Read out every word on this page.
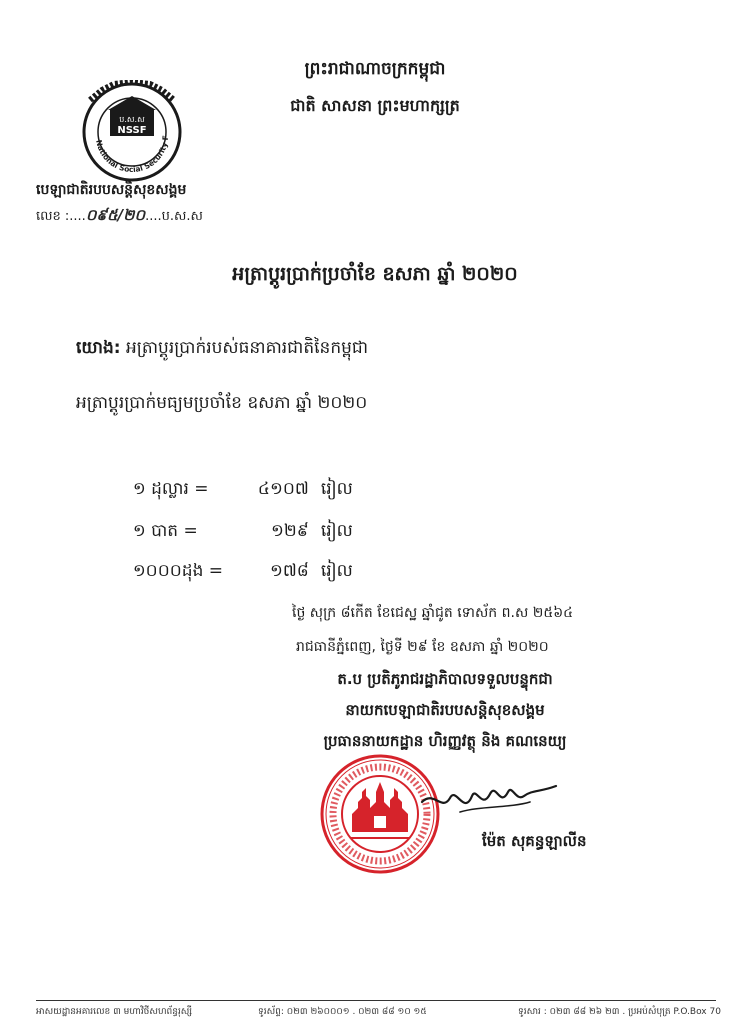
ព្រះរាជាណាចក្រកម្ពុជា
ជាតិ សាសនា ព្រះមហាក្សត្រ
ប.ស.ស
NSSF
National Social Security F
បេឡាជាតិរបបសន្តិសុខសង្គម
លេខ :....០៩៥/២០....ប.ស.ស
អត្រាប្តូរប្រាក់ប្រចាំខែ ឧសភា ឆ្នាំ ២០២០
យោង: អត្រាប្តូរប្រាក់របស់ធនាគារជាតិនៃកម្ពុជា
អត្រាប្តូរប្រាក់មធ្យមប្រចាំខែ ឧសភា ឆ្នាំ ២០២០

១ ដុល្លារ =	៤១០៧ រៀល

១ បាត =	១២៩ រៀល

១០០០ដុង =	១៧៨ រៀល

ថ្ងៃ សុក្រ ៨កើត ខែជេស្ឋ ឆ្នាំជូត ទោស័ក ព.ស ២៥៦៤
រាជធានីភ្នំពេញ, ថ្ងៃទី ២៩ ខែ ឧសភា ឆ្នាំ ២០២០
ត.ប ប្រតិភូរាជរដ្ឋាភិបាលទទួលបន្ទុកជា
នាយកបេឡាជាតិរបបសន្តិសុខសង្គម
ប្រធាននាយកដ្ឋាន ហិរញ្ញវត្ថុ និង គណនេយ្យ
ម៉ែត សុគន្ធឡាលីន
អាសយដ្ឋានអគារលេខ ៣ មហាវិថីសហព័ន្ធរុស្សី	ទូរស័ព្ទ: ០២៣ ២៦០០០១ . ០២៣ ៨៨ ១០ ១៥	ទូរសារ : ០២៣ ៨៨ ២៦ ២៣ . ប្រអប់សំបុត្រ P.O.Box 70
